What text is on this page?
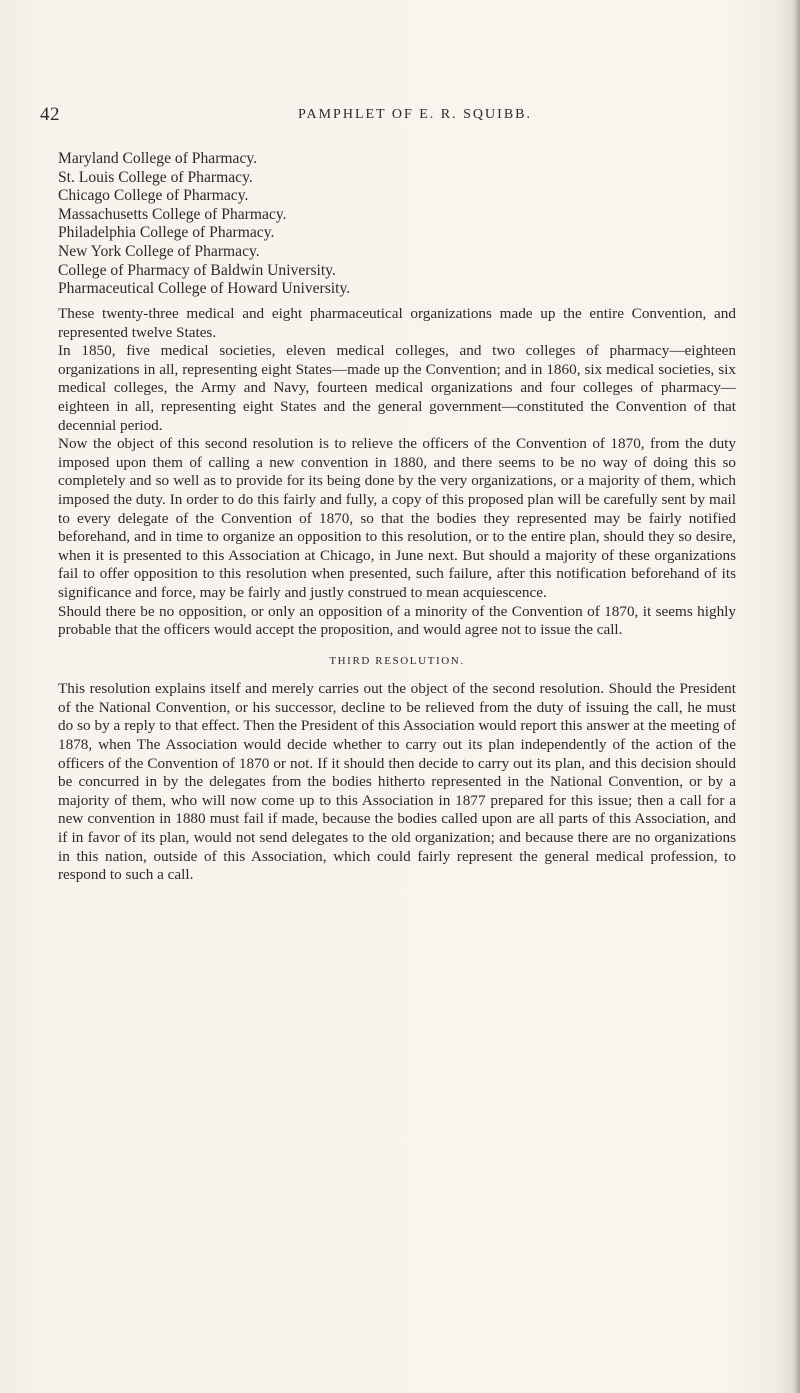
42	PAMPHLET OF E. R. SQUIBB.
Maryland College of Pharmacy.
St. Louis College of Pharmacy.
Chicago College of Pharmacy.
Massachusetts College of Pharmacy.
Philadelphia College of Pharmacy.
New York College of Pharmacy.
College of Pharmacy of Baldwin University.
Pharmaceutical College of Howard University.

These twenty-three medical and eight pharmaceutical organizations made up the entire Convention, and represented twelve States.

In 1850, five medical societies, eleven medical colleges, and two colleges of pharmacy—eighteen organizations in all, representing eight States—made up the Convention; and in 1860, six medical societies, six medical colleges, the Army and Navy, fourteen medical organizations and four colleges of pharmacy—eighteen in all, representing eight States and the general government—constituted the Convention of that decennial period.

Now the object of this second resolution is to relieve the officers of the Convention of 1870, from the duty imposed upon them of calling a new convention in 1880, and there seems to be no way of doing this so completely and so well as to provide for its being done by the very organizations, or a majority of them, which imposed the duty. In order to do this fairly and fully, a copy of this proposed plan will be carefully sent by mail to every delegate of the Convention of 1870, so that the bodies they represented may be fairly notified beforehand, and in time to organize an opposition to this resolution, or to the entire plan, should they so desire, when it is presented to this Association at Chicago, in June next. But should a majority of these organizations fail to offer opposition to this resolution when presented, such failure, after this notification beforehand of its significance and force, may be fairly and justly construed to mean acquiescence.

Should there be no opposition, or only an opposition of a minority of the Convention of 1870, it seems highly probable that the officers would accept the proposition, and would agree not to issue the call.

THIRD RESOLUTION.

This resolution explains itself and merely carries out the object of the second resolution. Should the President of the National Convention, or his successor, decline to be relieved from the duty of issuing the call, he must do so by a reply to that effect. Then the President of this Association would report this answer at the meeting of 1878, when The Association would decide whether to carry out its plan independently of the action of the officers of the Convention of 1870 or not. If it should then decide to carry out its plan, and this decision should be concurred in by the delegates from the bodies hitherto represented in the National Convention, or by a majority of them, who will now come up to this Association in 1877 prepared for this issue; then a call for a new convention in 1880 must fail if made, because the bodies called upon are all parts of this Association, and if in favor of its plan, would not send delegates to the old organization; and because there are no organizations in this nation, outside of this Association, which could fairly represent the general medical profession, to respond to such a call.
